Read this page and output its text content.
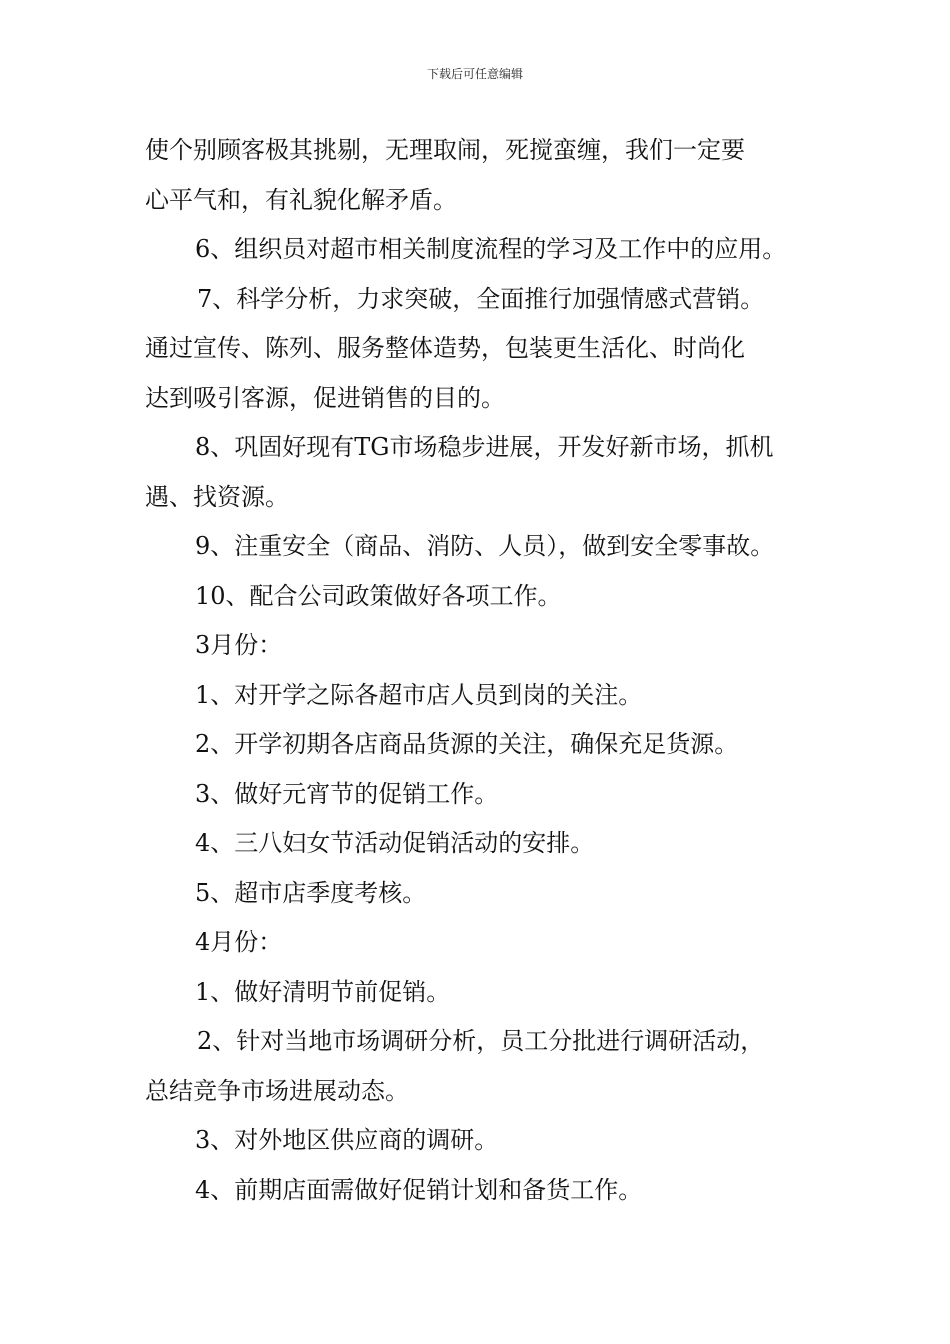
下载后可任意编辑
使个别顾客极其挑剔，无理取闹，死搅蛮缠，我们一定要
心平气和，有礼貌化解矛盾。
6、组织员对超市相关制度流程的学习及工作中的应用。
7、科学分析，力求突破，全面推行加强情感式营销。
通过宣传、陈列、服务整体造势，包装更生活化、时尚化
达到吸引客源，促进销售的目的。
8、巩固好现有TG市场稳步进展，开发好新市场，抓机
遇、找资源。
9、注重安全（商品、消防、人员），做到安全零事故。
10、配合公司政策做好各项工作。
3月份：
1、对开学之际各超市店人员到岗的关注。
2、开学初期各店商品货源的关注，确保充足货源。
3、做好元宵节的促销工作。
4、三八妇女节活动促销活动的安排。
5、超市店季度考核。
4月份：
1、做好清明节前促销。
2、针对当地市场调研分析，员工分批进行调研活动，
总结竞争市场进展动态。
3、对外地区供应商的调研。
4、前期店面需做好促销计划和备货工作。
